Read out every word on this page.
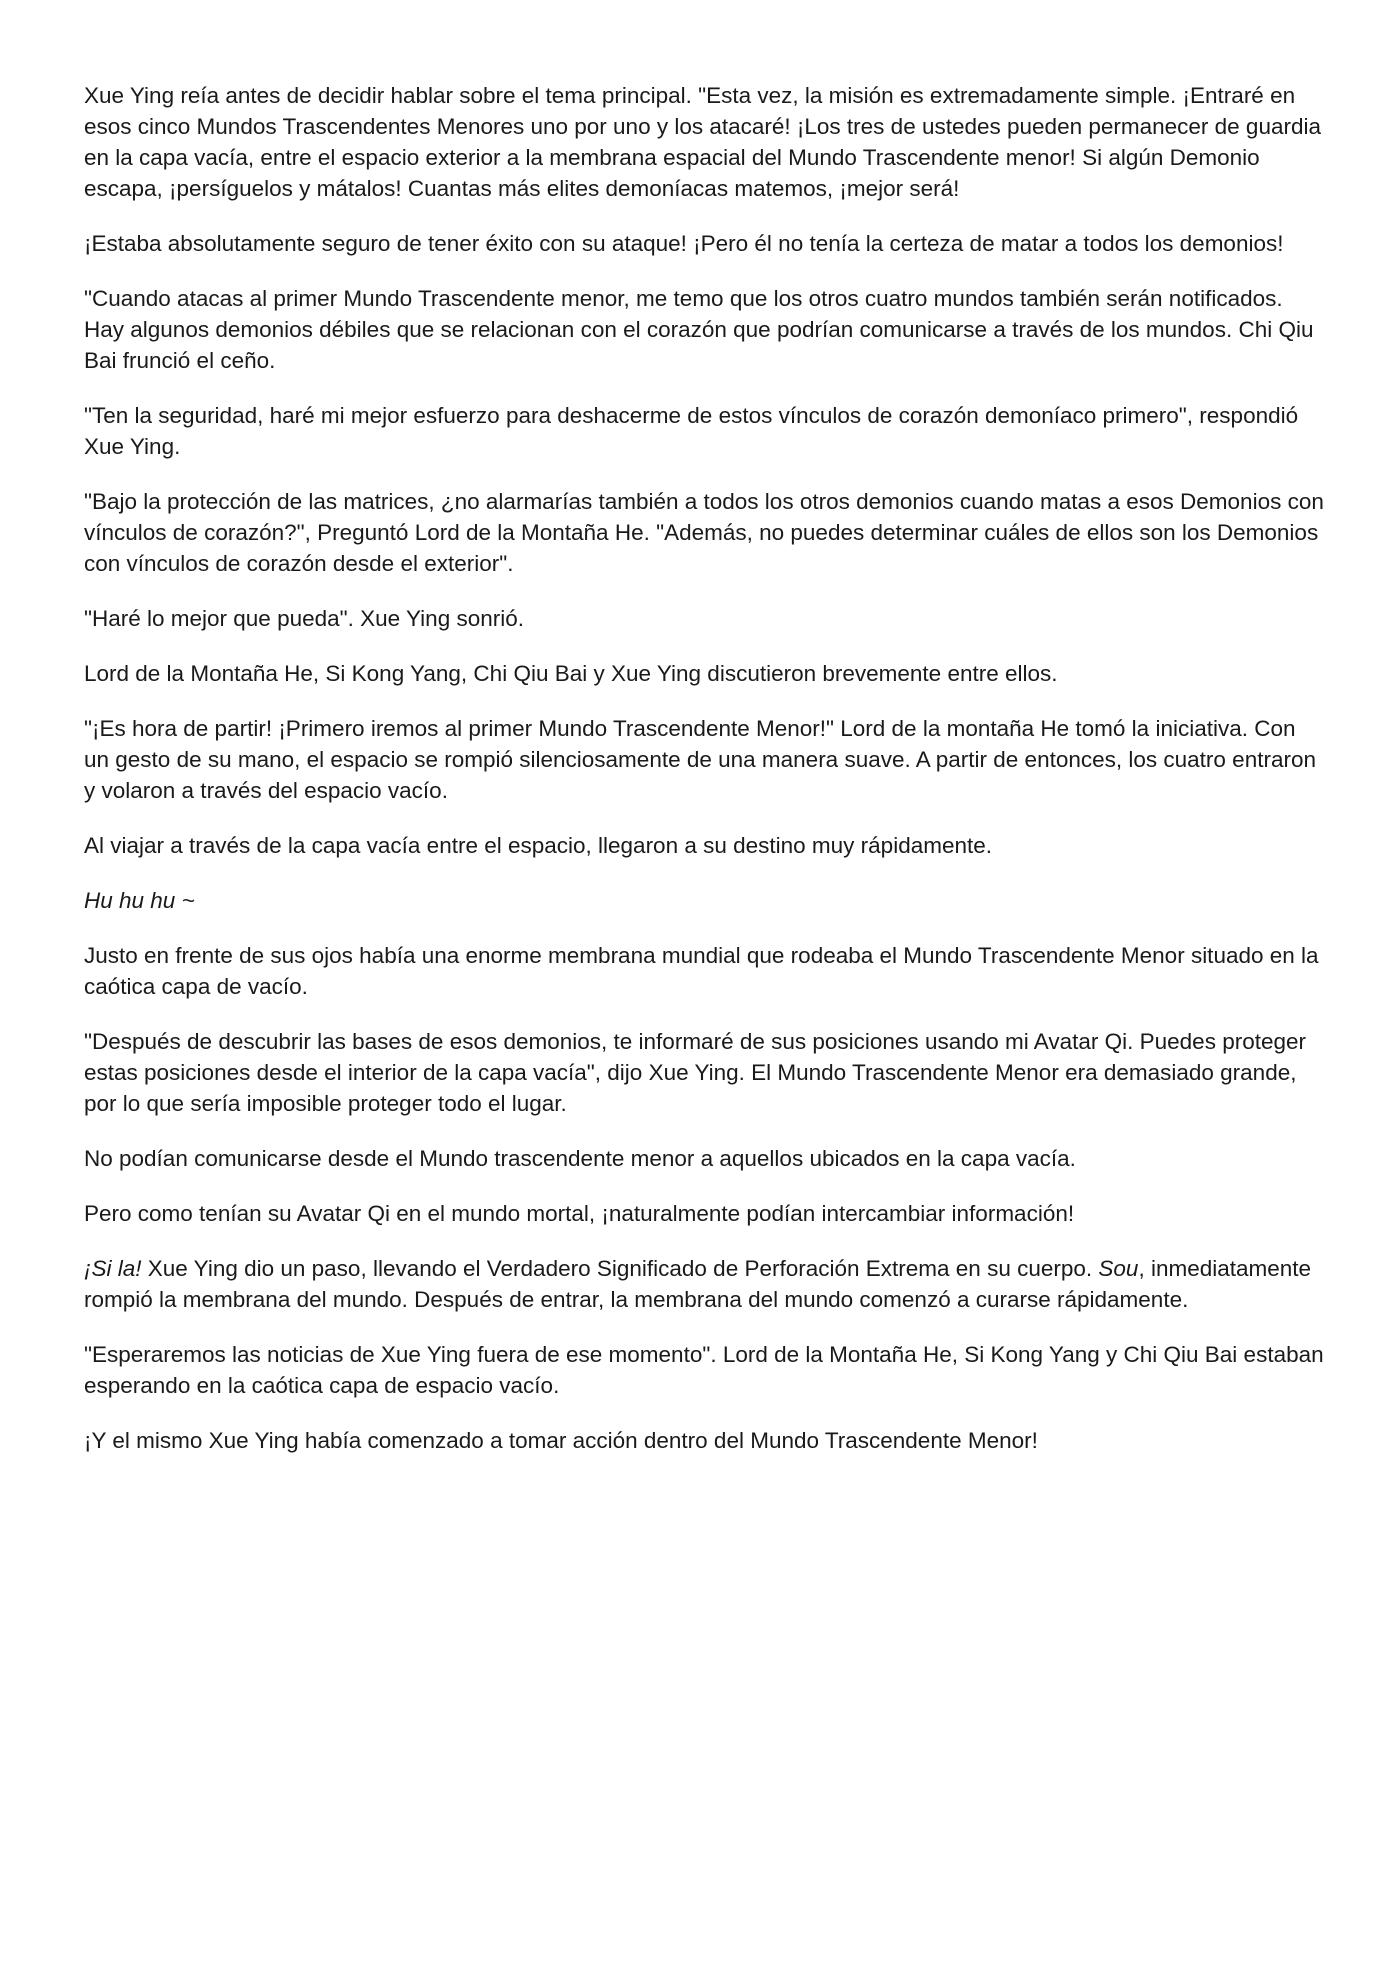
Xue Ying reía antes de decidir hablar sobre el tema principal. "Esta vez, la misión es extremadamente simple. ¡Entraré en esos cinco Mundos Trascendentes Menores uno por uno y los atacaré! ¡Los tres de ustedes pueden permanecer de guardia en la capa vacía, entre el espacio exterior a la membrana espacial del Mundo Trascendente menor! Si algún Demonio escapa, ¡persíguelos y mátalos! Cuantas más elites demoníacas matemos, ¡mejor será!

¡Estaba absolutamente seguro de tener éxito con su ataque! ¡Pero él no tenía la certeza de matar a todos los demonios!

"Cuando atacas al primer Mundo Trascendente menor, me temo que los otros cuatro mundos también serán notificados. Hay algunos demonios débiles que se relacionan con el corazón que podrían comunicarse a través de los mundos. Chi Qiu Bai frunció el ceño.

"Ten la seguridad, haré mi mejor esfuerzo para deshacerme de estos vínculos de corazón demoníaco primero", respondió Xue Ying.

"Bajo la protección de las matrices, ¿no alarmarías también a todos los otros demonios cuando matas a esos Demonios con vínculos de corazón?", Preguntó Lord de la Montaña He. "Además, no puedes determinar cuáles de ellos son los Demonios con vínculos de corazón desde el exterior".

"Haré lo mejor que pueda". Xue Ying sonrió.

Lord de la Montaña He, Si Kong Yang, Chi Qiu Bai y Xue Ying discutieron brevemente entre ellos.

"¡Es hora de partir! ¡Primero iremos al primer Mundo Trascendente Menor!" Lord de la montaña He tomó la iniciativa. Con un gesto de su mano, el espacio se rompió silenciosamente de una manera suave. A partir de entonces, los cuatro entraron y volaron a través del espacio vacío.

Al viajar a través de la capa vacía entre el espacio, llegaron a su destino muy rápidamente.

Hu hu hu ~

Justo en frente de sus ojos había una enorme membrana mundial que rodeaba el Mundo Trascendente Menor situado en la caótica capa de vacío.

"Después de descubrir las bases de esos demonios, te informaré de sus posiciones usando mi Avatar Qi. Puedes proteger estas posiciones desde el interior de la capa vacía", dijo Xue Ying. El Mundo Trascendente Menor era demasiado grande, por lo que sería imposible proteger todo el lugar.

No podían comunicarse desde el Mundo trascendente menor a aquellos ubicados en la capa vacía.

Pero como tenían su Avatar Qi en el mundo mortal, ¡naturalmente podían intercambiar información!

¡Si la! Xue Ying dio un paso, llevando el Verdadero Significado de Perforación Extrema en su cuerpo. Sou, inmediatamente rompió la membrana del mundo. Después de entrar, la membrana del mundo comenzó a curarse rápidamente.

"Esperaremos las noticias de Xue Ying fuera de ese momento". Lord de la Montaña He, Si Kong Yang y Chi Qiu Bai estaban esperando en la caótica capa de espacio vacío.

¡Y el mismo Xue Ying había comenzado a tomar acción dentro del Mundo Trascendente Menor!
